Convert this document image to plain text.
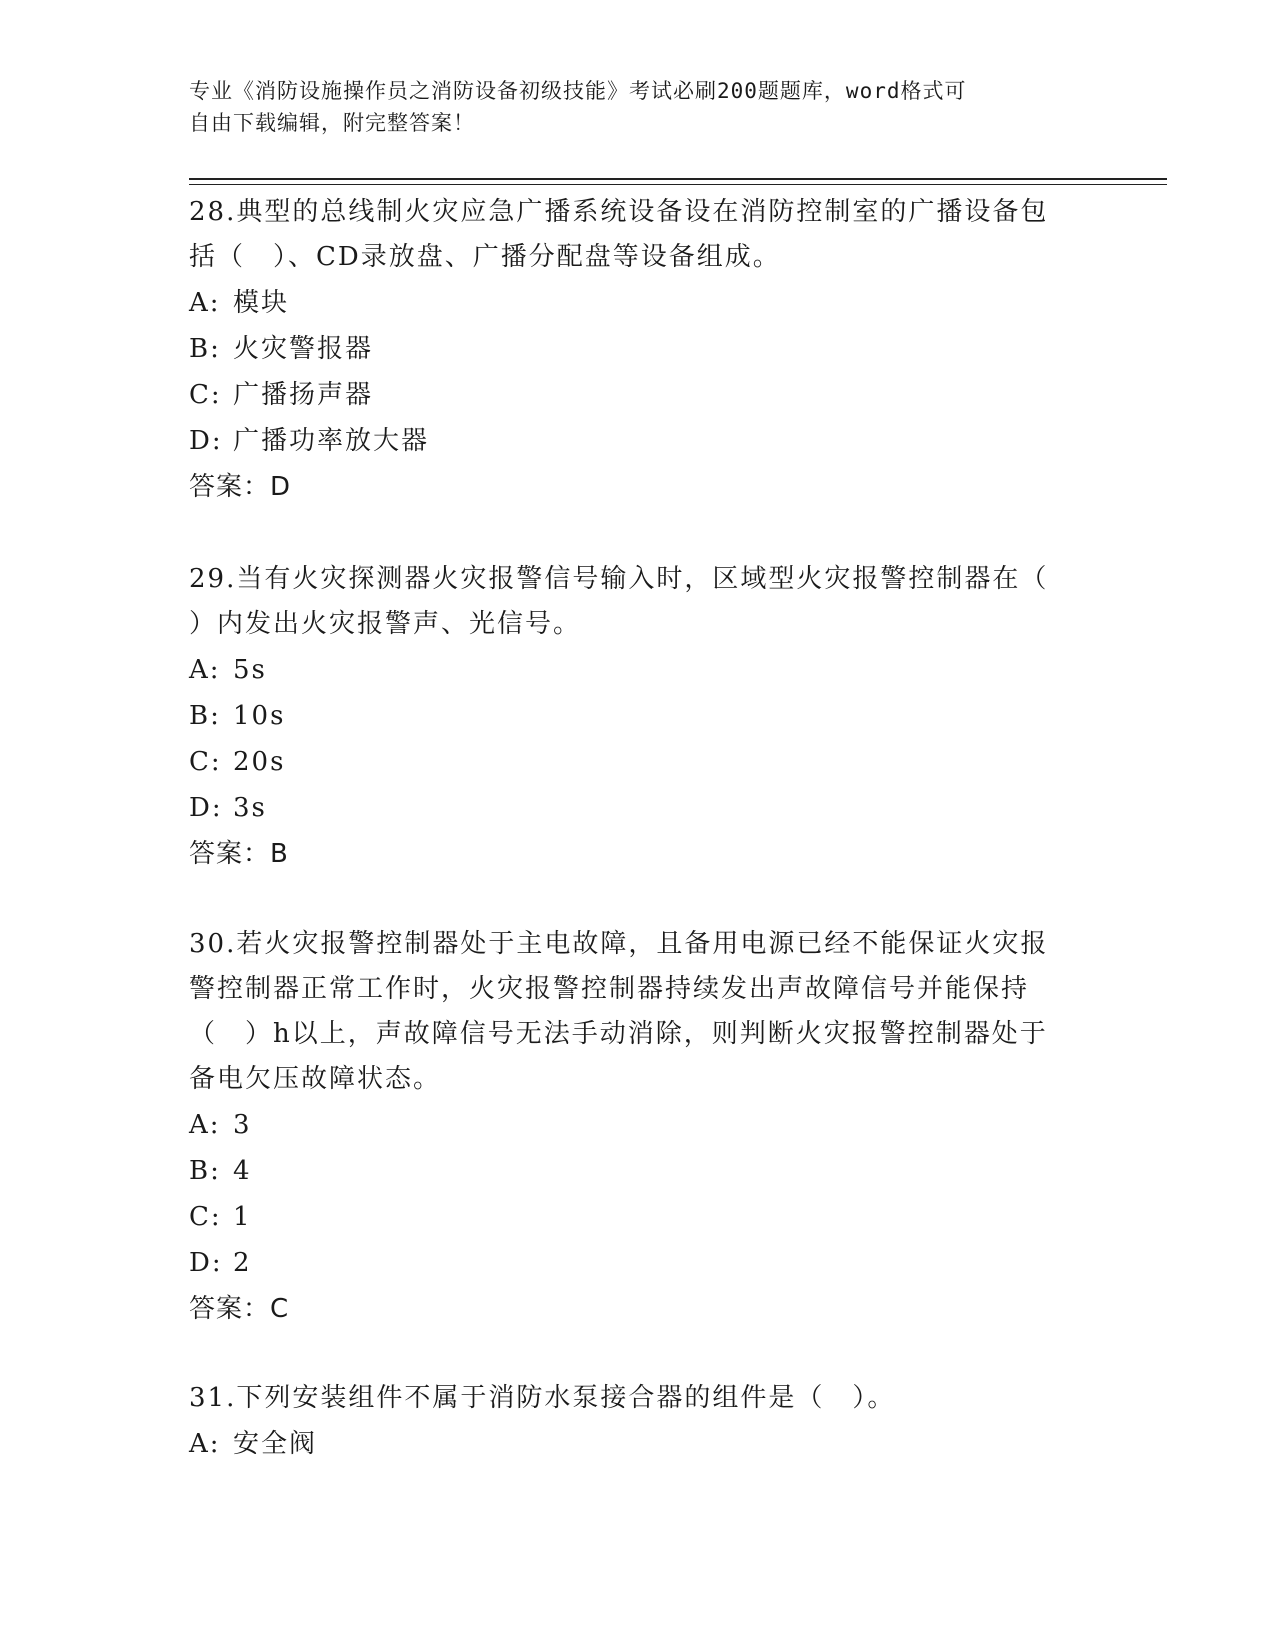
专业《消防设施操作员之消防设备初级技能》考试必刷200题题库，word格式可
自由下载编辑，附完整答案！
28.典型的总线制火灾应急广播系统设备设在消防控制室的广播设备包
括（　）、CD录放盘、广播分配盘等设备组成。
A: 模块
B: 火灾警报器
C: 广播扬声器
D: 广播功率放大器
答案：D
29.当有火灾探测器火灾报警信号输入时，区域型火灾报警控制器在（
）内发出火灾报警声、光信号。
A: 5s
B: 10s
C: 20s
D: 3s
答案：B
30.若火灾报警控制器处于主电故障，且备用电源已经不能保证火灾报
警控制器正常工作时，火灾报警控制器持续发出声故障信号并能保持
（　）h以上，声故障信号无法手动消除，则判断火灾报警控制器处于
备电欠压故障状态。
A: 3
B: 4
C: 1
D: 2
答案：C
31.下列安装组件不属于消防水泵接合器的组件是（　）。
A: 安全阀
